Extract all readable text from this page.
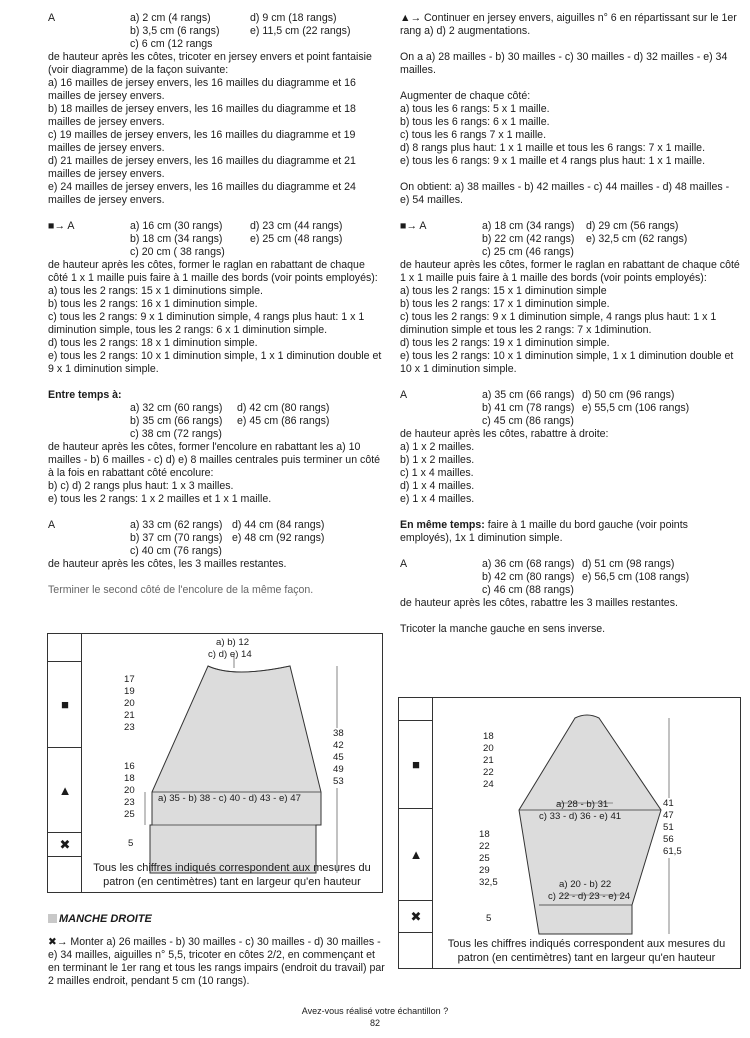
A	a) 2 cm (4 rangs)	d) 9 cm (18 rangs)
b) 3,5 cm (6 rangs)	e) 11,5 cm (22 rangs)
c) 6 cm (12 rangs

de hauteur après les côtes, tricoter en jersey envers et point fantaisie (voir diagramme) de la façon suivante:

a) 16 mailles de jersey envers, les 16 mailles du diagramme et 16 mailles de jersey envers.

b) 18 mailles de jersey envers, les 16 mailles du diagramme et 18 mailles de jersey envers.

c) 19 mailles de jersey envers, les 16 mailles du diagramme et 19 mailles de jersey envers.

d) 21 mailles de jersey envers, les 16 mailles du diagramme et 21 mailles de jersey envers.

e) 24 mailles de jersey envers, les 16 mailles du diagramme et 24 mailles de jersey envers.

■→ A	a) 16 cm (30 rangs)	d) 23 cm (44 rangs)
b) 18 cm (34 rangs)	e) 25 cm (48 rangs)
c) 20 cm ( 38 rangs)

de hauteur après les côtes, former le raglan en rabattant de chaque côté 1 x 1 maille puis faire à 1 maille des bords (voir points employés):

a) tous les 2 rangs: 15 x 1 diminutions simple.

b) tous les 2 rangs: 16 x 1 diminution simple.

c) tous les 2 rangs: 9 x 1 diminution simple, 4 rangs plus haut: 1 x 1 diminution simple, tous les 2 rangs: 6 x 1 diminution simple.

d) tous les 2 rangs: 18 x 1 diminution simple.

e) tous les 2 rangs: 10 x 1 diminution simple, 1 x 1 diminution double et 9 x 1 diminution simple.

Entre temps à:

a) 32 cm (60 rangs) d) 42 cm (80 rangs)
b) 35 cm (66 rangs) e) 45 cm (86 rangs)
c) 38 cm (72 rangs)

de hauteur après les côtes, former l'encolure en rabattant les a) 10 mailles - b) 6 mailles - c) d) e) 8 mailles centrales puis terminer un côté à la fois en rabattant côté encolure:

b) c) d) 2 rangs plus haut: 1 x 3 mailles.

e) tous les 2 rangs: 1 x 2 mailles et 1 x 1 maille.

A	a) 33 cm (62 rangs) d) 44 cm (84 rangs)
b) 37 cm (70 rangs) e) 48 cm (92 rangs)
c) 40 cm (76 rangs)

de hauteur après les côtes, les 3 mailles restantes.

Terminer le second côté de l'encolure de la même façon.

■
▲
✖
a) b) 12
c) d) e) 14
17
19
20
21
23
16
18
20
23
25
5
38
42
45
49
53
a) 35 - b) 38 - c) 40 - d) 43 - e) 47
Tous les chiffres indiqués correspondent aux mesures du patron (en centimètres) tant en largeur qu'en hauteur

MANCHE DROITE

✖→ Monter a) 26 mailles - b) 30 mailles - c) 30 mailles - d) 30 mailles - e) 34 mailles, aiguilles n° 5,5, tricoter en côtes 2/2, en commençant et en terminant le 1er rang et tous les rangs impairs (endroit du travail) par 2 mailles endroit, pendant 5 cm (10 rangs).

▲→ Continuer en jersey envers, aiguilles n° 6 en répartissant sur le 1er rang a) d) 2 augmentations.

On a a) 28 mailles - b) 30 mailles - c) 30 mailles - d) 32 mailles - e) 34 mailles.

Augmenter de chaque côté:

a) tous les 6 rangs: 5 x 1 maille.

b) tous les 6 rangs: 6 x 1 maille.

c) tous les 6 rangs 7 x 1 maille.

d) 8 rangs plus haut: 1 x 1 maille et tous les 6 rangs: 7 x 1 maille.

e) tous les 6 rangs: 9 x 1 maille et 4 rangs plus haut: 1 x 1 maille.

On obtient: a) 38 mailles - b) 42 mailles - c) 44 mailles - d) 48 mailles - e) 54 mailles.

■→ A	a) 18 cm (34 rangs) d) 29 cm (56 rangs)
b) 22 cm (42 rangs) e) 32,5 cm (62 rangs)
c) 25 cm (46 rangs)

de hauteur après les côtes, former le raglan en rabattant de chaque côté 1 x 1 maille puis faire à 1 maille des bords (voir points employés):

a) tous les 2 rangs: 15 x 1 diminution simple

b) tous les 2 rangs: 17 x 1 diminution simple.

c) tous les 2 rangs: 9 x 1 diminution simple, 4 rangs plus haut: 1 x 1 diminution simple et tous les 2 rangs: 7 x 1diminution.

d) tous les 2 rangs: 19 x 1 diminution simple.

e) tous les 2 rangs: 10 x 1 diminution simple, 1 x 1 diminution double et 10 x 1 diminution simple.

A	a) 35 cm (66 rangs) d) 50 cm (96 rangs)
b) 41 cm (78 rangs) e) 55,5 cm (106 rangs)
c) 45 cm (86 rangs)

de hauteur après les côtes, rabattre à droite:

a) 1 x 2 mailles.

b) 1 x 2 mailles.

c) 1 x 4 mailles.

d) 1 x 4 mailles.

e) 1 x 4 mailles.

En même temps: faire à 1 maille du bord gauche (voir points employés), 1x 1 diminution simple.

A	a) 36 cm (68 rangs) d) 51 cm (98 rangs)
b) 42 cm (80 rangs) e) 56,5 cm (108 rangs)
c) 46 cm (88 rangs)

de hauteur après les côtes, rabattre les 3 mailles restantes.

Tricoter la manche gauche en sens inverse.

■
▲
✖
18
20
21
22
24
18
22
25
29
32,5
5
41
47
51
56
61,5
a) 28 - b) 31
c) 33 - d) 36 - e) 41
a) 20 - b) 22
c) 22 - d) 23 - e) 24
Tous les chiffres indiqués correspondent aux mesures du patron (en centimètres) tant en largeur qu'en hauteur
Avez-vous réalisé votre échantillon ?
82
